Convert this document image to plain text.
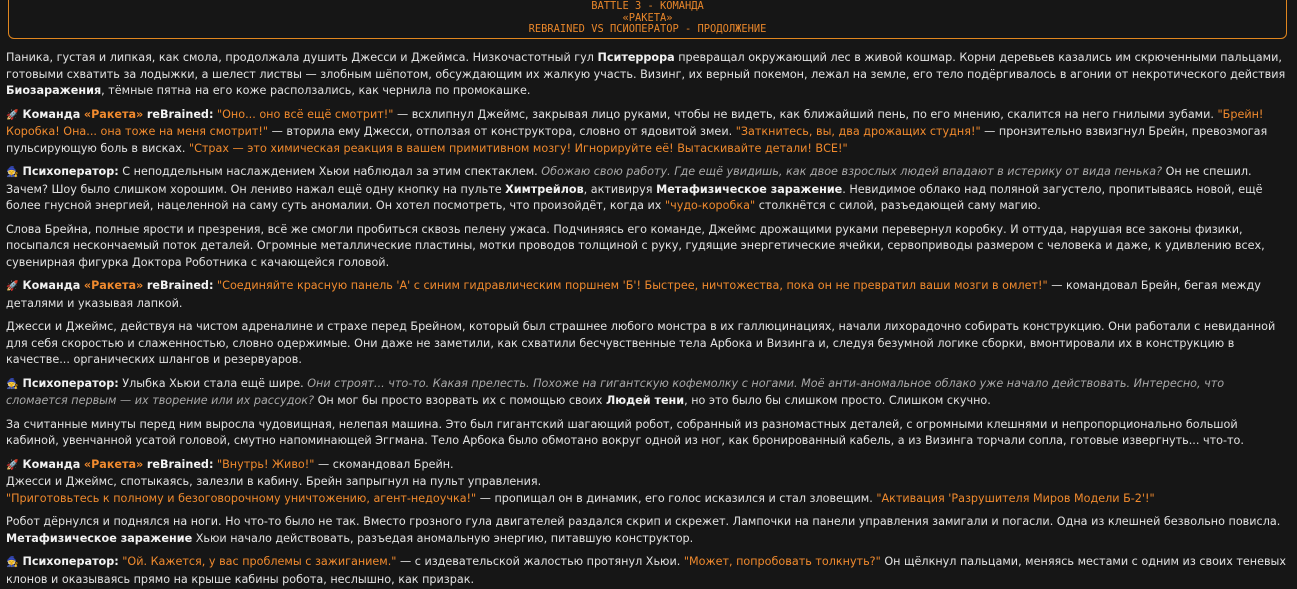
BATTLE 3 - КОМАНДА
«РАКЕТА»
REBRAINED VS ПСИОПЕРАТОР - ПРОДОЛЖЕНИЕ

Паника, густая и липкая, как смола, продолжала душить Джесси и Джеймса. Низкочастотный гул Пситеррора превращал окружающий лес в живой кошмар. Корни деревьев казались им скрюченными пальцами, готовыми схватить за лодыжки, а шелест листвы — злобным шёпотом, обсуждающим их жалкую участь. Визинг, их верный покемон, лежал на земле, его тело подёргивалось в агонии от некротического действия Биозаражения, тёмные пятна на его коже расползались, как чернила по промокашке.

🚀 Команда «Ракета» reBrained: "Оно... оно всё ещё смотрит!" — всхлипнул Джеймс, закрывая лицо руками, чтобы не видеть, как ближайший пень, по его мнению, скалится на него гнилыми зубами. "Брейн! Коробка! Она... она тоже на меня смотрит!" — вторила ему Джесси, отползая от конструктора, словно от ядовитой змеи. "Заткнитесь, вы, два дрожащих студня!" — пронзительно взвизгнул Брейн, превозмогая пульсирующую боль в висках. "Страх — это химическая реакция в вашем примитивном мозгу! Игнорируйте её! Вытаскивайте детали! ВСЕ!"

🧙 Психоператор: С неподдельным наслаждением Хьюи наблюдал за этим спектаклем. Обожаю свою работу. Где ещё увидишь, как двое взрослых людей впадают в истерику от вида пенька? Он не спешил. Зачем? Шоу было слишком хорошим. Он лениво нажал ещё одну кнопку на пульте Химтрейлов, активируя Метафизическое заражение. Невидимое облако над поляной загустело, пропитываясь новой, ещё более гнусной энергией, нацеленной на саму суть аномалии. Он хотел посмотреть, что произойдёт, когда их "чудо-коробка" столкнётся с силой, разъедающей саму магию.

Слова Брейна, полные ярости и презрения, всё же смогли пробиться сквозь пелену ужаса. Подчиняясь его команде, Джеймс дрожащими руками перевернул коробку. И оттуда, нарушая все законы физики, посыпался нескончаемый поток деталей. Огромные металлические пластины, мотки проводов толщиной с руку, гудящие энергетические ячейки, сервоприводы размером с человека и даже, к удивлению всех, сувенирная фигурка Доктора Роботника с качающейся головой.

🚀 Команда «Ракета» reBrained: "Соединяйте красную панель 'А' с синим гидравлическим поршнем 'Б'! Быстрее, ничтожества, пока он не превратил ваши мозги в омлет!" — командовал Брейн, бегая между деталями и указывая лапкой.

Джесси и Джеймс, действуя на чистом адреналине и страхе перед Брейном, который был страшнее любого монстра в их галлюцинациях, начали лихорадочно собирать конструкцию. Они работали с невиданной для себя скоростью и слаженностью, словно одержимые. Они даже не заметили, как схватили бесчувственные тела Арбока и Визинга и, следуя безумной логике сборки, вмонтировали их в конструкцию в качестве... органических шлангов и резервуаров.

🧙 Психоператор: Улыбка Хьюи стала ещё шире. Они строят... что-то. Какая прелесть. Похоже на гигантскую кофемолку с ногами. Моё анти-аномальное облако уже начало действовать. Интересно, что сломается первым — их творение или их рассудок? Он мог бы просто взорвать их с помощью своих Людей тени, но это было бы слишком просто. Слишком скучно.

За считанные минуты перед ним выросла чудовищная, нелепая машина. Это был гигантский шагающий робот, собранный из разномастных деталей, с огромными клешнями и непропорционально большой кабиной, увенчанной усатой головой, смутно напоминающей Эггмана. Тело Арбока было обмотано вокруг одной из ног, как бронированный кабель, а из Визинга торчали сопла, готовые извергнуть... что-то.

🚀 Команда «Ракета» reBrained: "Внутрь! Живо!" — скомандовал Брейн.
Джесси и Джеймс, спотыкаясь, залезли в кабину. Брейн запрыгнул на пульт управления.
"Приготовьтесь к полному и безоговорочному уничтожению, агент-недоучка!" — пропищал он в динамик, его голос исказился и стал зловещим. "Активация 'Разрушителя Миров Модели Б-2'!"

Робот дёрнулся и поднялся на ноги. Но что-то было не так. Вместо грозного гула двигателей раздался скрип и скрежет. Лампочки на панели управления замигали и погасли. Одна из клешней безвольно повисла. Метафизическое заражение Хьюи начало действовать, разъедая аномальную энергию, питавшую конструктор.

🧙 Психоператор: "Ой. Кажется, у вас проблемы с зажиганием." — с издевательской жалостью протянул Хьюи. "Может, попробовать толкнуть?" Он щёлкнул пальцами, меняясь местами с одним из своих теневых клонов и оказываясь прямо на крыше кабины робота, неслышно, как призрак.
